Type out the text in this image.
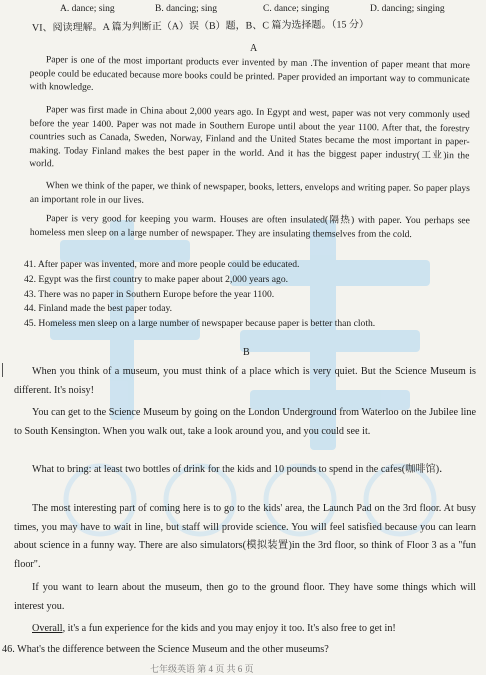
A. dance; sing	B. dancing; sing	C. dance; singing	D. dancing; singing
VI、阅读理解。A 篇为判断正（A）误（B）题，B、C 篇为选择题。（15 分）
A

Paper is one of the most important products ever invented by man .The invention of paper meant that more people could be educated because more books could be printed. Paper provided an important way to communicate with knowledge.

Paper was first made in China about 2,000 years ago. In Egypt and west, paper was not very commonly used before the year 1400. Paper was not made in Southern Europe until about the year 1100. After that, the forestry countries such as Canada, Sweden, Norway, Finland and the United States became the most important in paper-making. Today Finland makes the best paper in the world. And it has the biggest paper industry(工业)in the world.

When we think of the paper, we think of newspaper, books, letters, envelops and writing paper. So paper plays an important role in our lives.

Paper is very good for keeping you warm. Houses are often insulated(隔热) with paper. You perhaps see homeless men sleep on a large number of newspaper. They are insulating themselves from the cold.

41. After paper was invented, more and more people could be educated.
42. Egypt was the first country to make paper about 2,000 years ago.
43. There was no paper in Southern Europe before the year 1100.
44. Finland made the best paper today.
45. Homeless men sleep on a large number of newspaper because paper is better than cloth.
B

When you think of a museum, you must think of a place which is very quiet. But the Science Museum is different. It's noisy!

You can get to the Science Museum by going on the London Underground from Waterloo on the Jubilee line to South Kensington. When you walk out, take a look around you, and you could see it.

What to bring: at least two bottles of drink for the kids and 10 pounds to spend in the cafes(咖啡馆)．

The most interesting part of coming here is to go to the kids' area, the Launch Pad on the 3rd floor. At busy times, you may have to wait in line, but staff will provide science. You will feel satisfied because you can learn about science in a funny way. There are also simulators(模拟装置)in the 3rd floor, so think of Floor 3 as a "fun floor".

If you want to learn about the museum, then go to the ground floor. They have some things which will interest you.

Overall, it's a fun experience for the kids and you may enjoy it too. It's also free to get in!

46. What's the difference between the Science Museum and the other museums?
七年级英语 第 4 页 共 6 页
